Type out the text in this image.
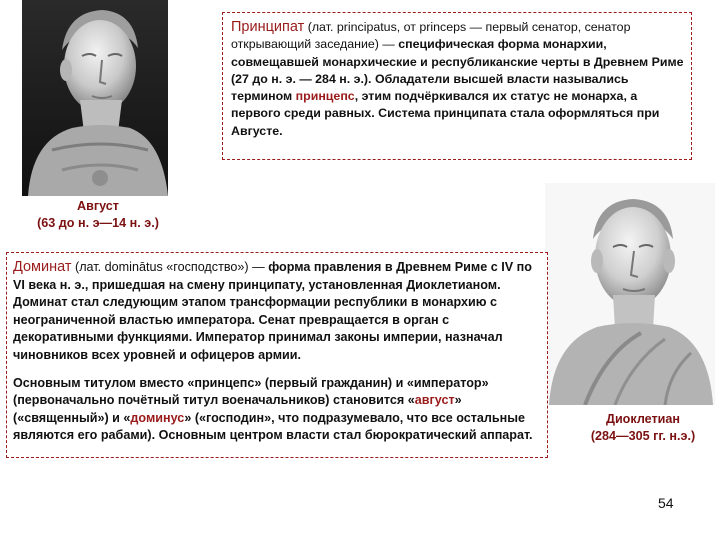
Принципат (лат. principatus, от princeps — первый сенатор, сенатор открывающий заседание) — специфическая форма монархии, совмещавшей монархические и республиканские черты в Древнем Риме (27 до н. э. — 284 н. э.). Обладатели высшей власти назывались термином принцепс, этим подчёркивался их статус не монарха, а первого среди равных. Система принципата стала оформляться при Августе.

Август
(63 до н. э—14 н. э.)

Доминат (лат. dominātus «господство») — форма правления в Древнем Риме с IV по VI века н. э., пришедшая на смену принципату, установленная Диоклетианом. Доминат стал следующим этапом трансформации республики в монархию с неограниченной властью императора. Сенат превращается в орган с декоративными функциями. Император принимал законы империи, назначал чиновников всех уровней и офицеров армии.

Основным титулом вместо «принцепс» (первый гражданин) и «император» (первоначально почётный титул военачальников) становится «август» («священный») и «доминус» («господин», что подразумевало, что все остальные являются его рабами). Основным центром власти стал бюрократический аппарат.

Диоклетиан
(284—305 гг. н.э.)
54
